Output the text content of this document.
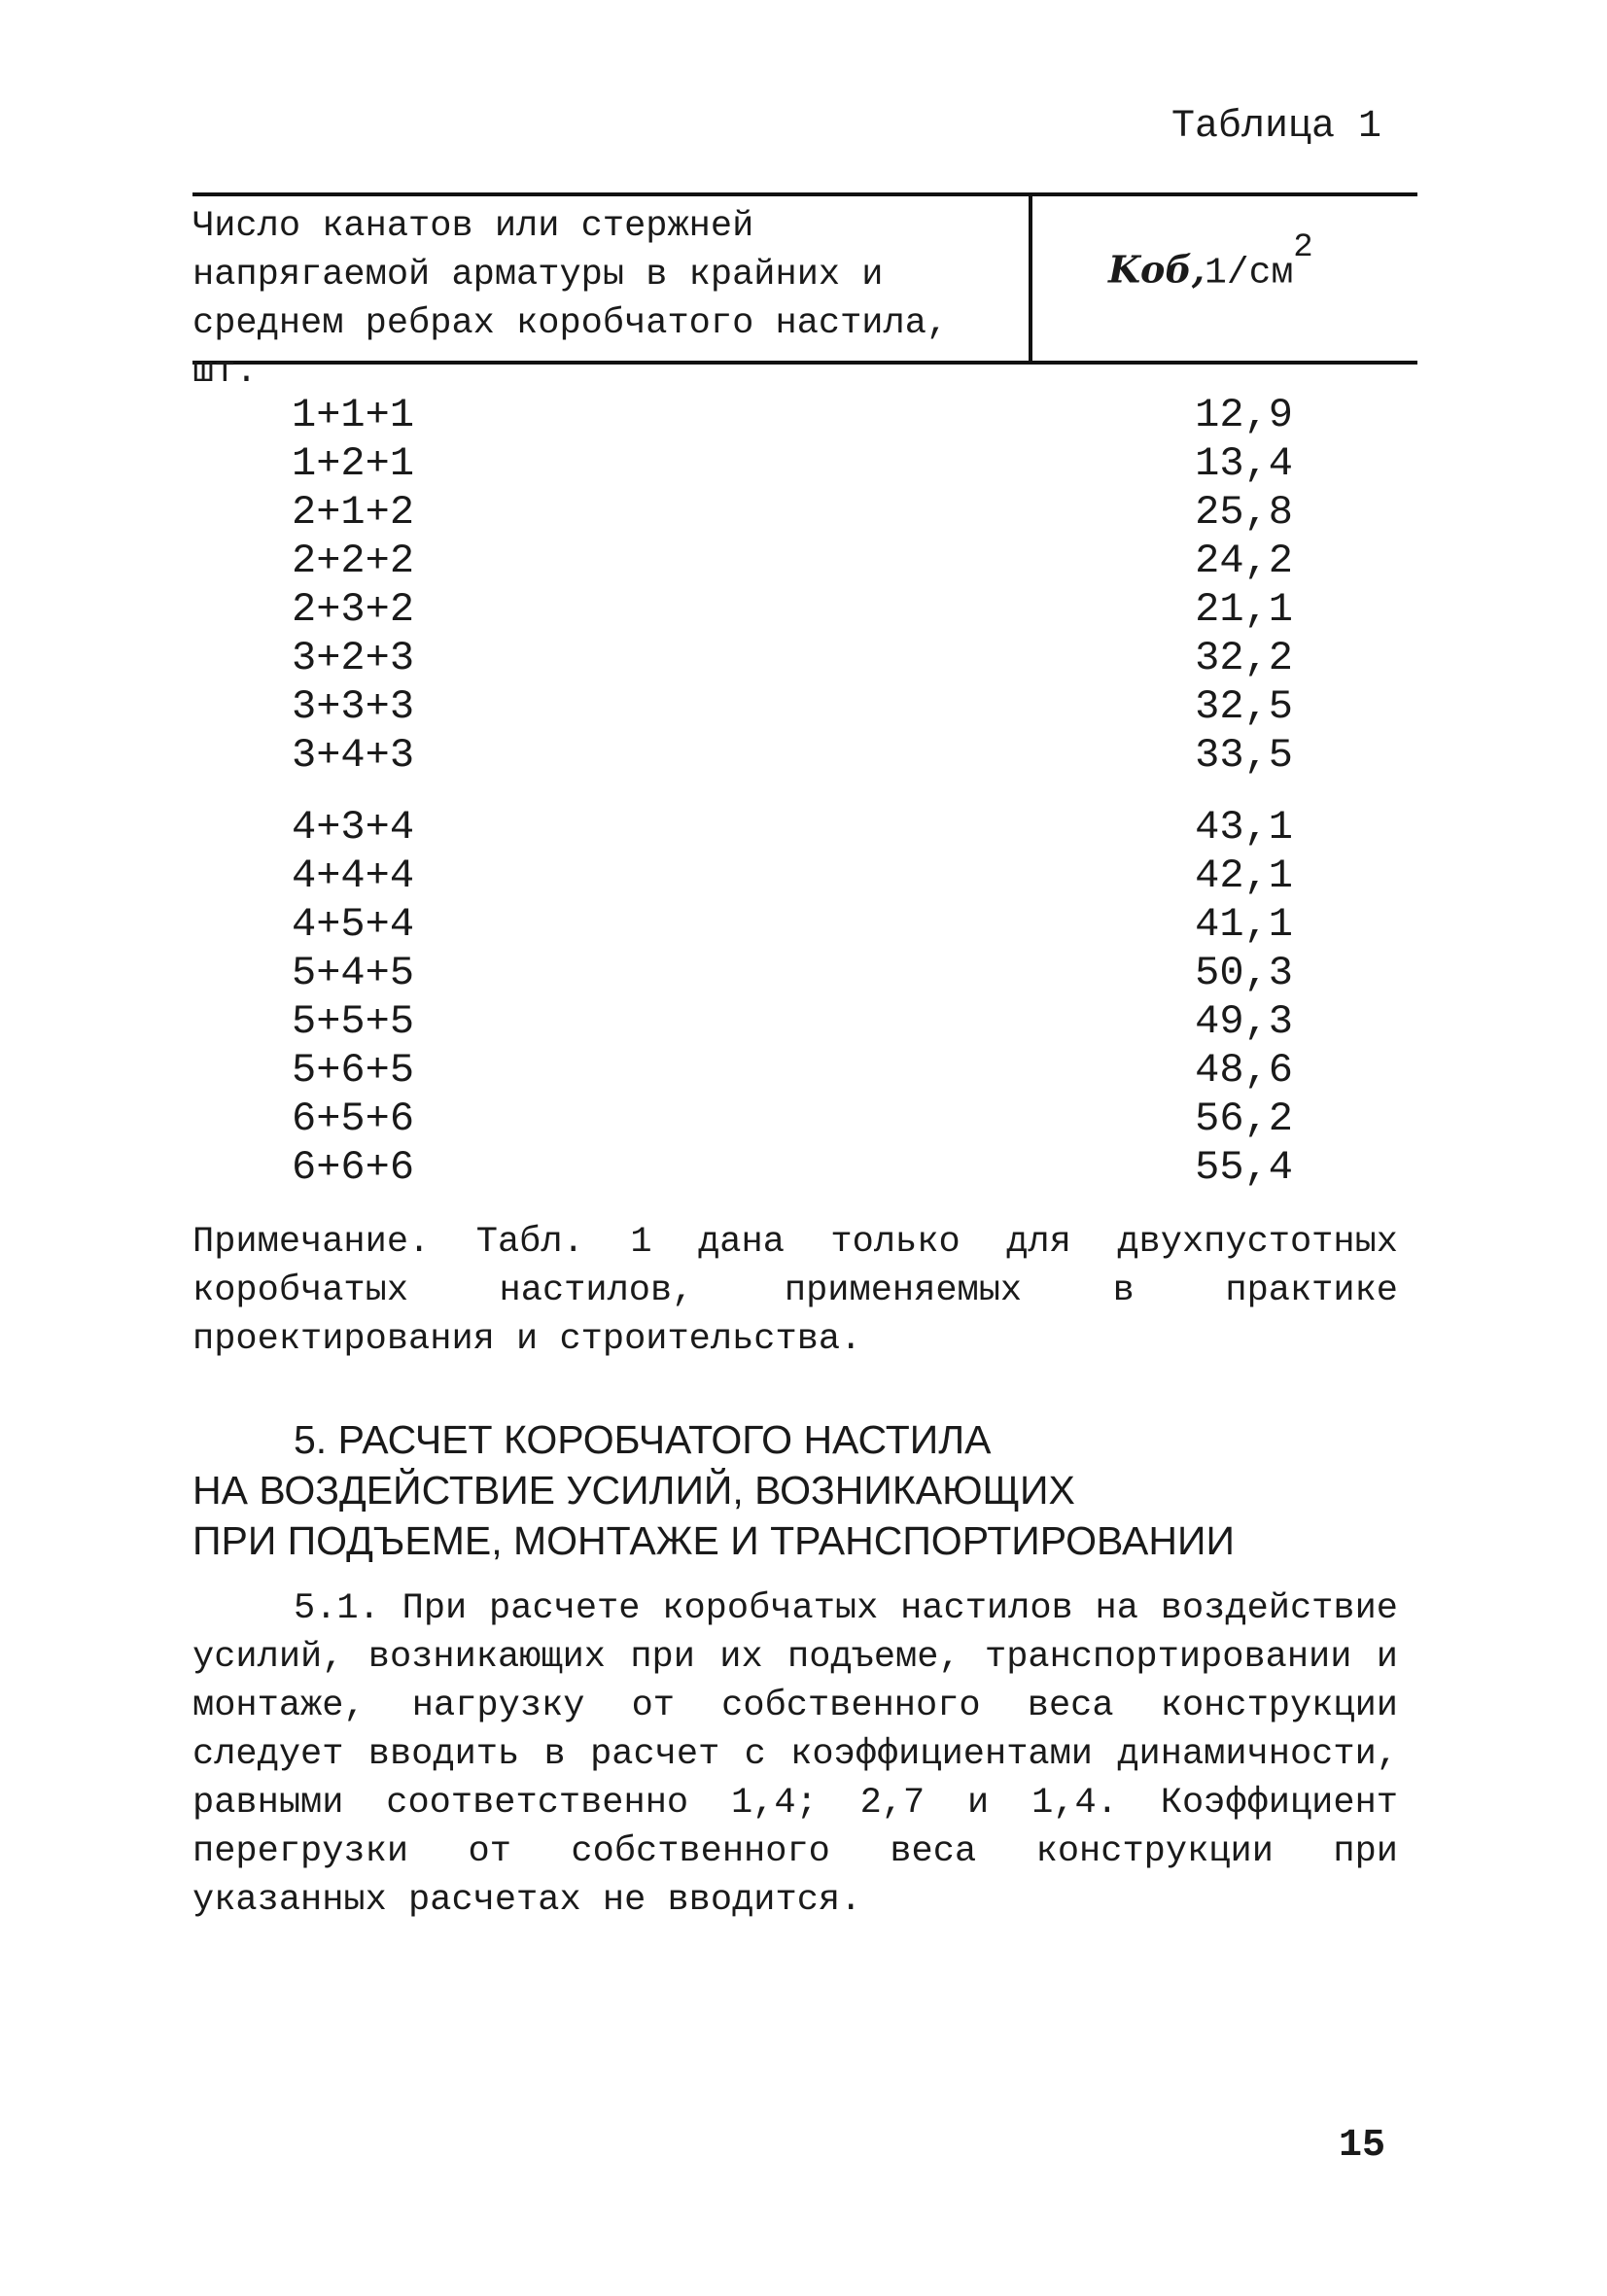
Таблица 1
Число канатов или стержней напрягаемой арматуры в крайних и среднем ребрах коробчатого настила, шт.
$Kоб,1/см^2$
1+1+1	12,9
1+2+1	13,4
2+1+2	25,8
2+2+2	24,2
2+3+2	21,1
3+2+3	32,2
3+3+3	32,5
3+4+3	33,5
4+3+4	43,1
4+4+4	42,1
4+5+4	41,1
5+4+5	50,3
5+5+5	49,3
5+6+5	48,6
6+5+6	56,2
6+6+6	55,4
Примечание. Табл. 1 дана только для двухпустотных коробчатых настилов, применяемых в практике проектирования и строительства.
5. РАСЧЕТ КОРОБЧАТОГО НАСТИЛА
НА ВОЗДЕЙСТВИЕ УСИЛИЙ, ВОЗНИКАЮЩИХ
ПРИ ПОДЪЕМЕ, МОНТАЖЕ И ТРАНСПОРТИРОВАНИИ
5.1. При расчете коробчатых настилов на воздействие усилий, возникающих при их подъеме, транспортировании и монтаже, нагрузку от собственного веса конструкции следует вводить в расчет с коэффициентами динамичности, равными соответственно 1,4; 2,7 и 1,4. Коэффициент перегрузки от собственного веса конструкции при указанных расчетах не вводится.
15
